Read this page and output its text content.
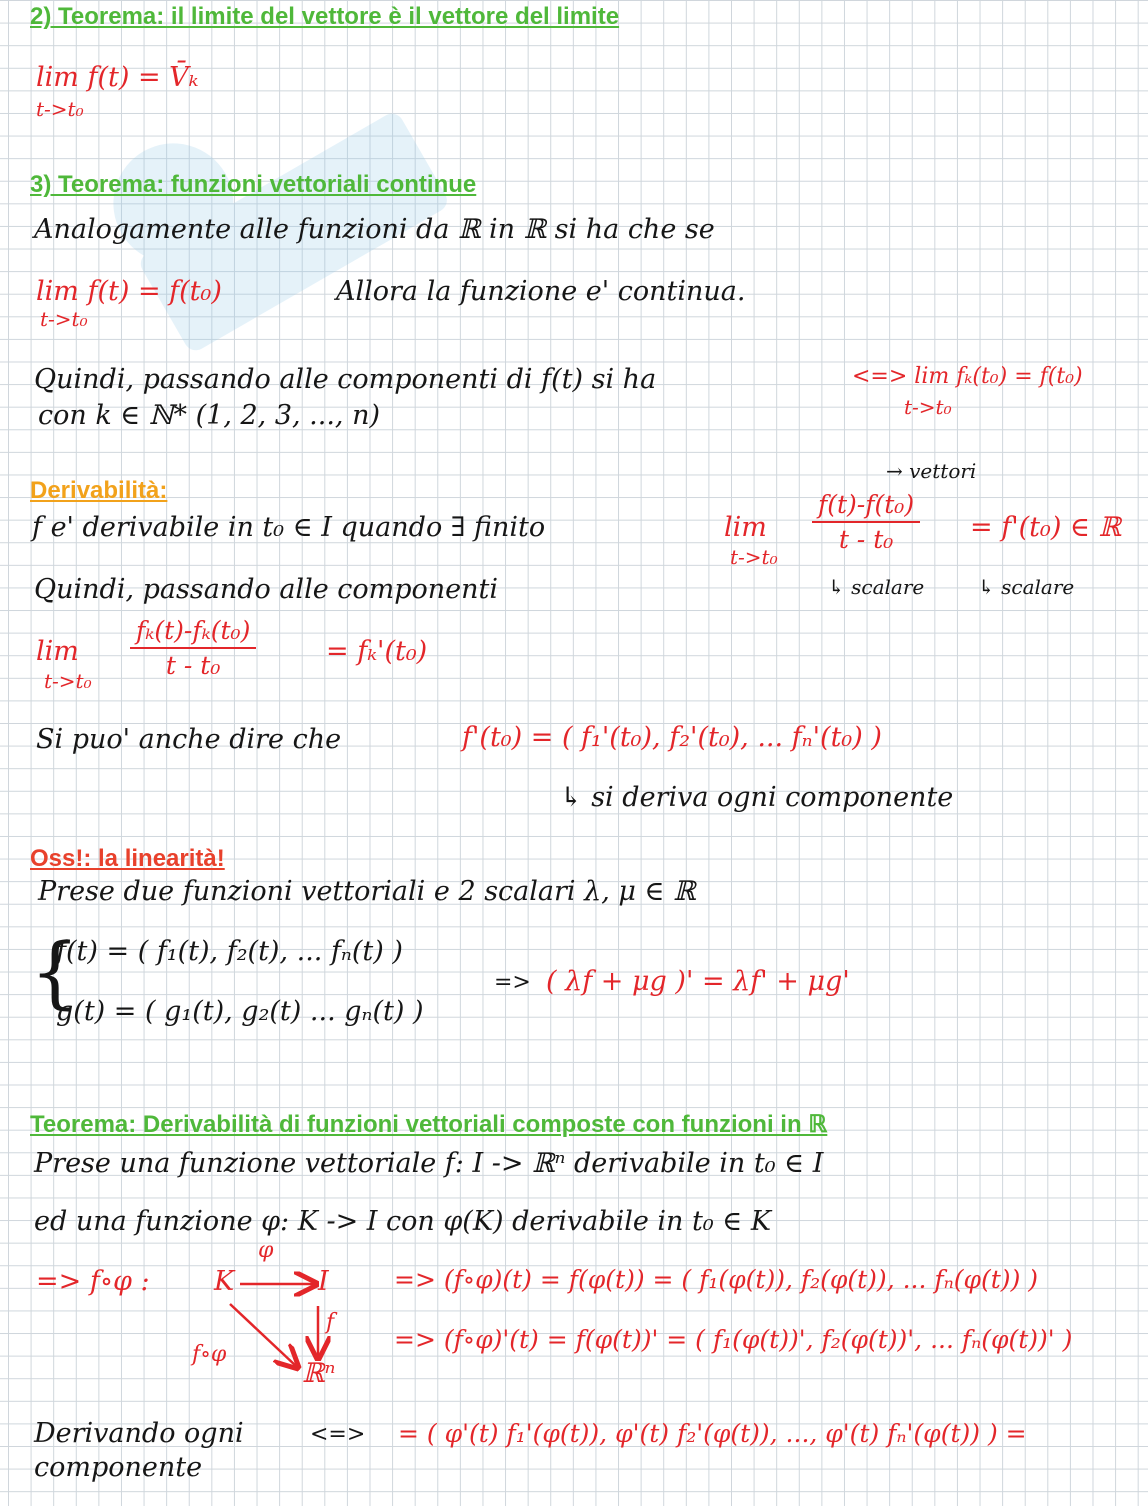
2) Teorema: il limite del vettore è il vettore del limite
lim f(t) = V̄ₖ
t->t₀
3) Teorema: funzioni vettoriali continue
Analogamente alle funzioni da ℝ in ℝ si ha che se
lim f(t) = f(t₀)
t->t₀
Allora la funzione e' continua.
Quindi, passando alle componenti di f(t) si ha	<=> lim fₖ(t₀) = f(t₀)
t->t₀
con k ∈ ℕ* (1, 2, 3, ..., n)
Derivabilità:
→ vettori
f e' derivabile in t₀ ∈ I quando ∃ finito	lim
t->t₀
$\frac{\text{f(t)-f(t₀)}}{\text{t - t₀}} = f'(t_0)$ ∈ ℝ
↳ scalare	↳ scalare
Quindi, passando alle componenti
lim
t->t₀
$\frac{\text{fₖ(t)-fₖ(t₀)}}{\text{t - t₀}}$	= fₖ'(t₀)
Si puo' anche dire che	f'(t₀) = ( f₁'(t₀), f₂'(t₀), ... fₙ'(t₀) )
↳ si deriva ogni componente
Oss!: la linearità!
Prese due funzioni vettoriali e 2 scalari λ, μ ∈ ℝ
{
f(t) = ( f₁(t), f₂(t), ... fₙ(t) )
g(t) = ( g₁(t), g₂(t) ... gₙ(t) )
=> ( λf + μg )' = λf' + μg'
Teorema: Derivabilità di funzioni vettoriali composte con funzioni in ℝ
Prese una funzione vettoriale f: I -> ℝⁿ derivabile in t₀ ∈ I
ed una funzione φ: K -> I con φ(K) derivabile in t₀ ∈ K
=> f∘φ : K
φ
I
f
f∘φ
ℝⁿ
=> (f∘φ)(t) = f(φ(t)) = ( f₁(φ(t)), f₂(φ(t)), ... fₙ(φ(t)) )
=> (f∘φ)'(t) = f(φ(t))' = ( f₁(φ(t))', f₂(φ(t))', ... fₙ(φ(t))' )
Derivando ogni
componente
<=> = ( φ'(t) f₁'(φ(t)), φ'(t) f₂'(φ(t)), ..., φ'(t) fₙ'(φ(t)) ) =
